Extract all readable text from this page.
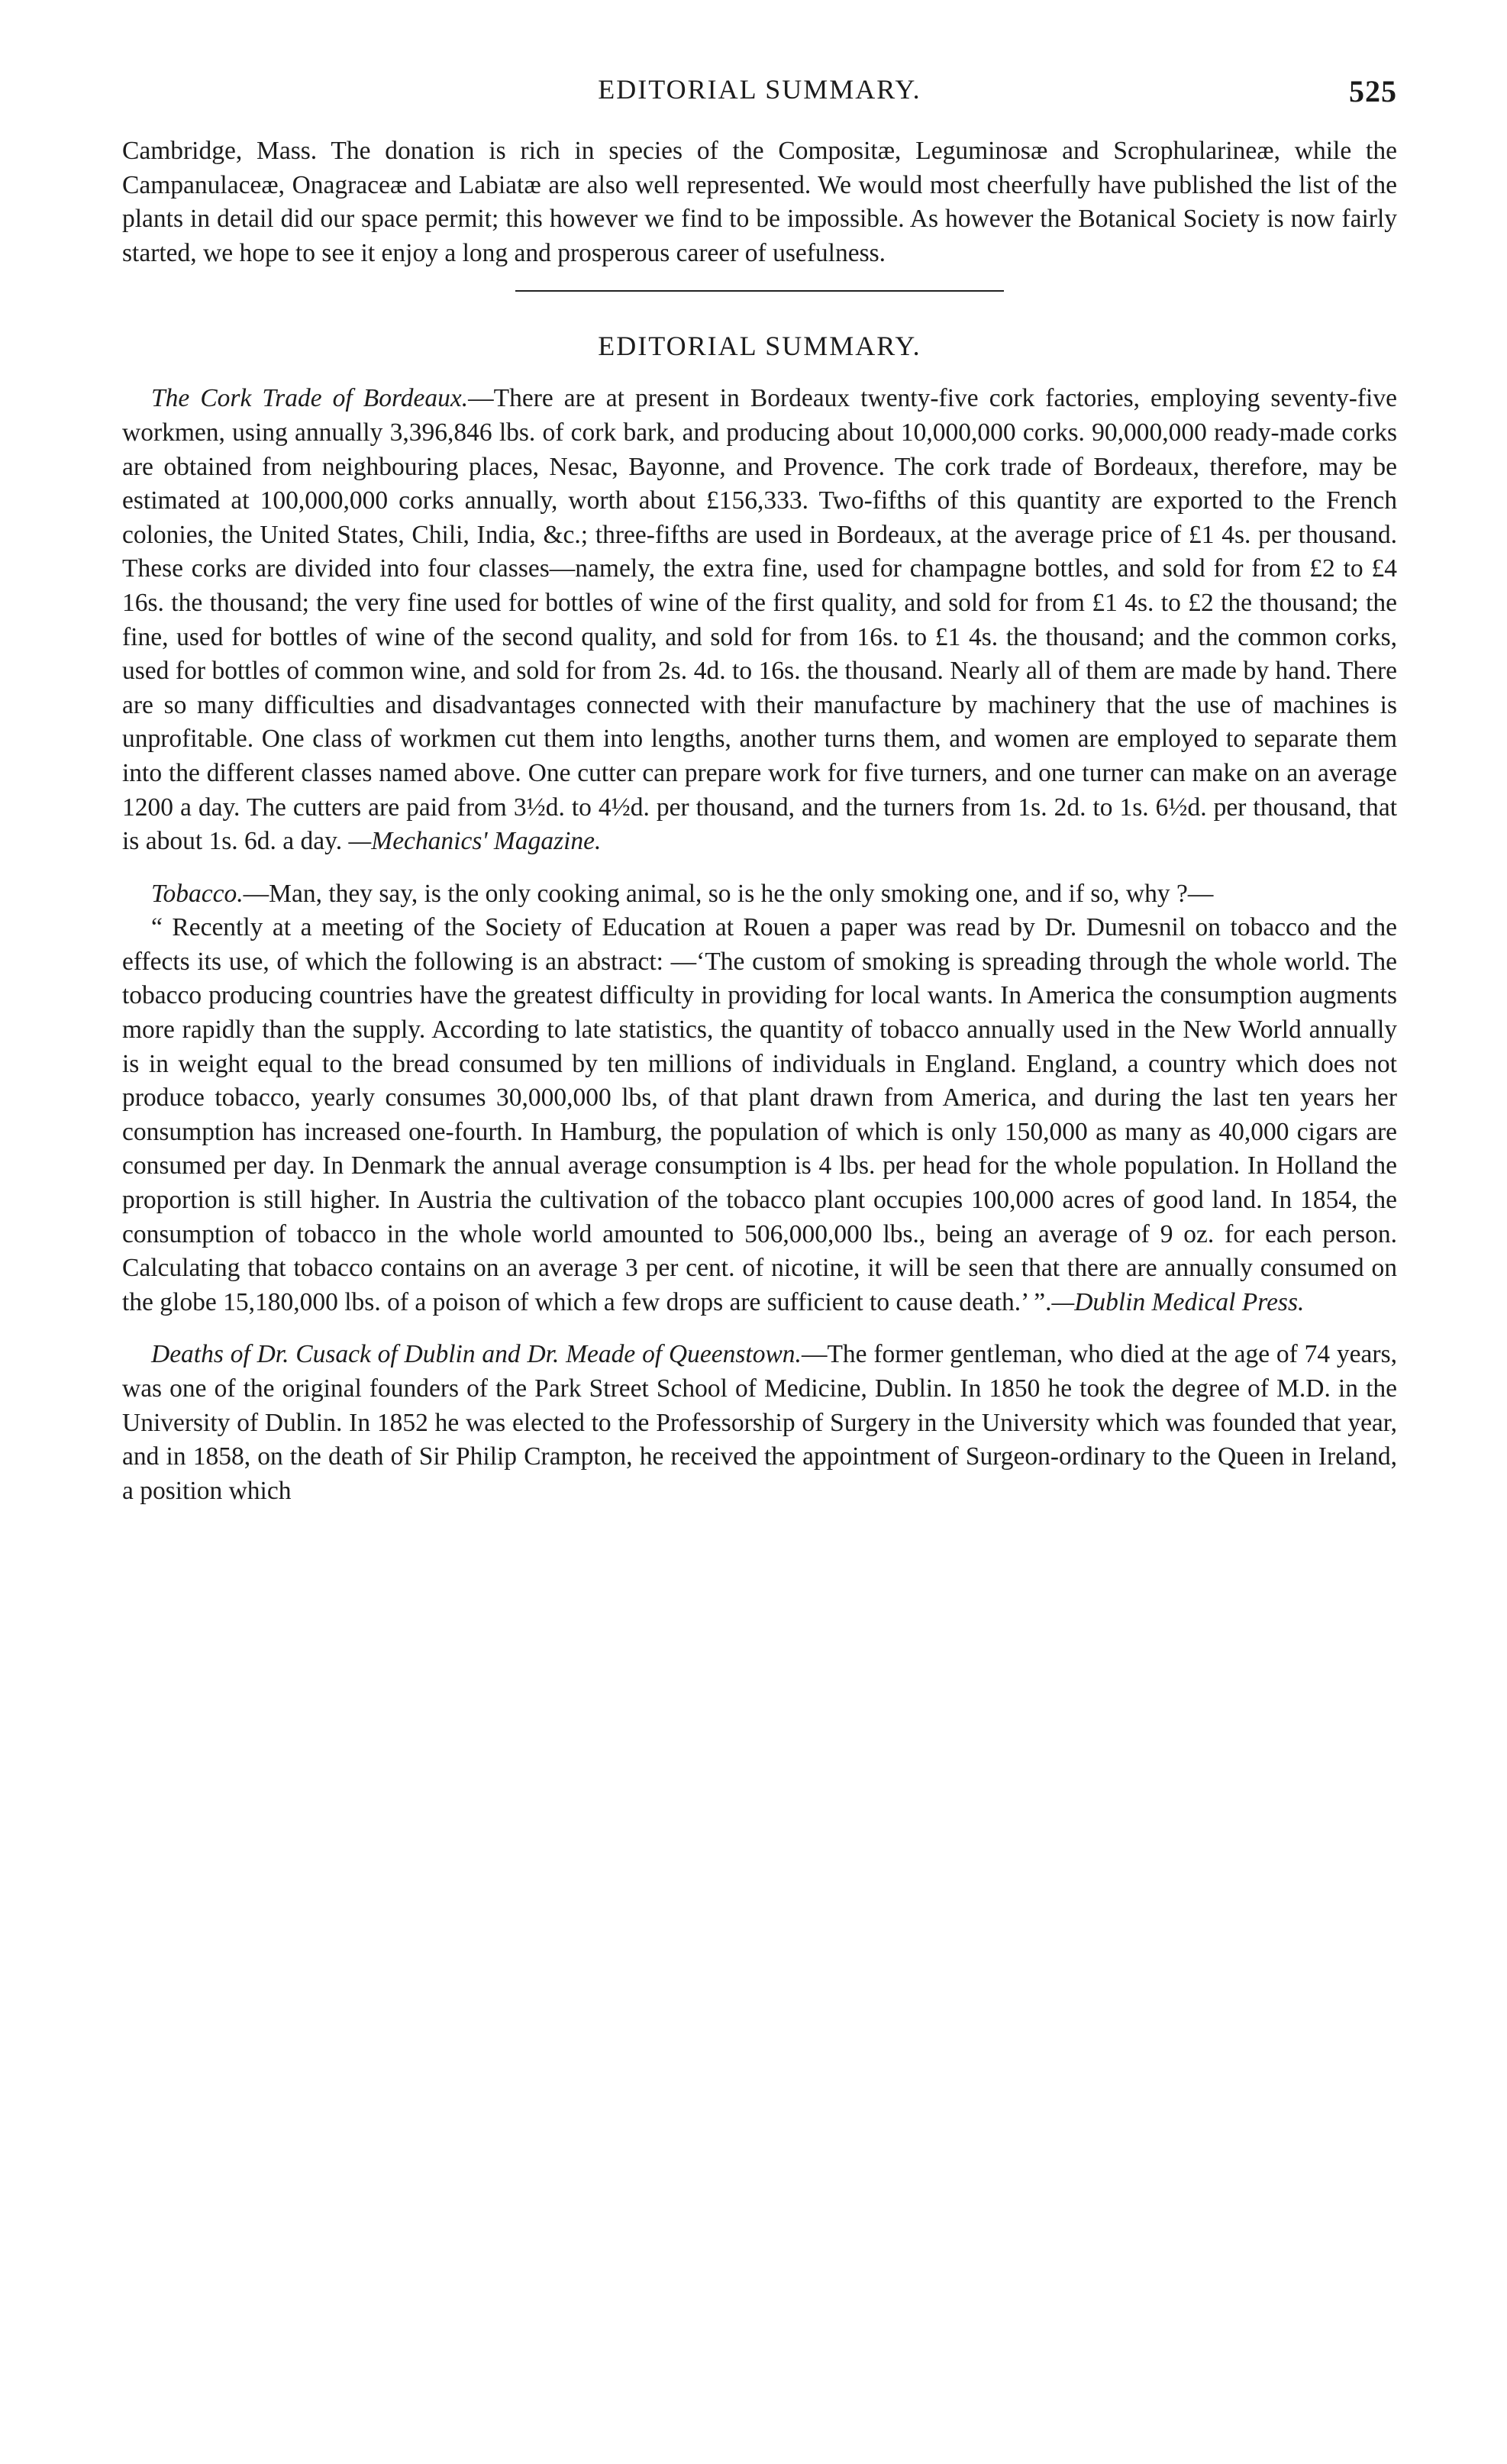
EDITORIAL SUMMARY.	525

Cambridge, Mass. The donation is rich in species of the Compositæ, Leguminosæ and Scrophularineæ, while the Campanulaceæ, Onagraceæ and Labiatæ are also well represented. We would most cheerfully have published the list of the plants in detail did our space permit; this however we find to be impossible. As however the Botanical Society is now fairly started, we hope to see it enjoy a long and prosperous career of usefulness.

EDITORIAL SUMMARY.

The Cork Trade of Bordeaux.—There are at present in Bordeaux twenty-five cork factories, employing seventy-five workmen, using annually 3,396,846 lbs. of cork bark, and producing about 10,000,000 corks. 90,000,000 ready-made corks are obtained from neighbouring places, Nesac, Bayonne, and Provence. The cork trade of Bordeaux, therefore, may be estimated at 100,000,000 corks annually, worth about £156,333. Two-fifths of this quantity are exported to the French colonies, the United States, Chili, India, &c.; three-fifths are used in Bordeaux, at the average price of £1 4s. per thousand. These corks are divided into four classes—namely, the extra fine, used for champagne bottles, and sold for from £2 to £4 16s. the thousand; the very fine used for bottles of wine of the first quality, and sold for from £1 4s. to £2 the thousand; the fine, used for bottles of wine of the second quality, and sold for from 16s. to £1 4s. the thousand; and the common corks, used for bottles of common wine, and sold for from 2s. 4d. to 16s. the thousand. Nearly all of them are made by hand. There are so many difficulties and disadvantages connected with their manufacture by machinery that the use of machines is unprofitable. One class of workmen cut them into lengths, another turns them, and women are employed to separate them into the different classes named above. One cutter can prepare work for five turners, and one turner can make on an average 1200 a day. The cutters are paid from 3½d. to 4½d. per thousand, and the turners from 1s. 2d. to 1s. 6½d. per thousand, that is about 1s. 6d. a day. —Mechanics' Magazine.

Tobacco.—Man, they say, is the only cooking animal, so is he the only smoking one, and if so, why ?—

“ Recently at a meeting of the Society of Education at Rouen a paper was read by Dr. Dumesnil on tobacco and the effects its use, of which the following is an abstract: —‘The custom of smoking is spreading through the whole world. The tobacco producing countries have the greatest difficulty in providing for local wants. In America the consumption augments more rapidly than the supply. According to late statistics, the quantity of tobacco annually used in the New World annually is in weight equal to the bread consumed by ten millions of individuals in England. England, a country which does not produce tobacco, yearly consumes 30,000,000 lbs, of that plant drawn from America, and during the last ten years her consumption has increased one-fourth. In Hamburg, the population of which is only 150,000 as many as 40,000 cigars are consumed per day. In Denmark the annual average consumption is 4 lbs. per head for the whole population. In Holland the proportion is still higher. In Austria the cultivation of the tobacco plant occupies 100,000 acres of good land. In 1854, the consumption of tobacco in the whole world amounted to 506,000,000 lbs., being an average of 9 oz. for each person. Calculating that tobacco contains on an average 3 per cent. of nicotine, it will be seen that there are annually consumed on the globe 15,180,000 lbs. of a poison of which a few drops are sufficient to cause death.’ ”.—Dublin Medical Press.

Deaths of Dr. Cusack of Dublin and Dr. Meade of Queenstown.—The former gentleman, who died at the age of 74 years, was one of the original founders of the Park Street School of Medicine, Dublin. In 1850 he took the degree of M.D. in the University of Dublin. In 1852 he was elected to the Professorship of Surgery in the University which was founded that year, and in 1858, on the death of Sir Philip Crampton, he received the appointment of Surgeon-ordinary to the Queen in Ireland, a position which
